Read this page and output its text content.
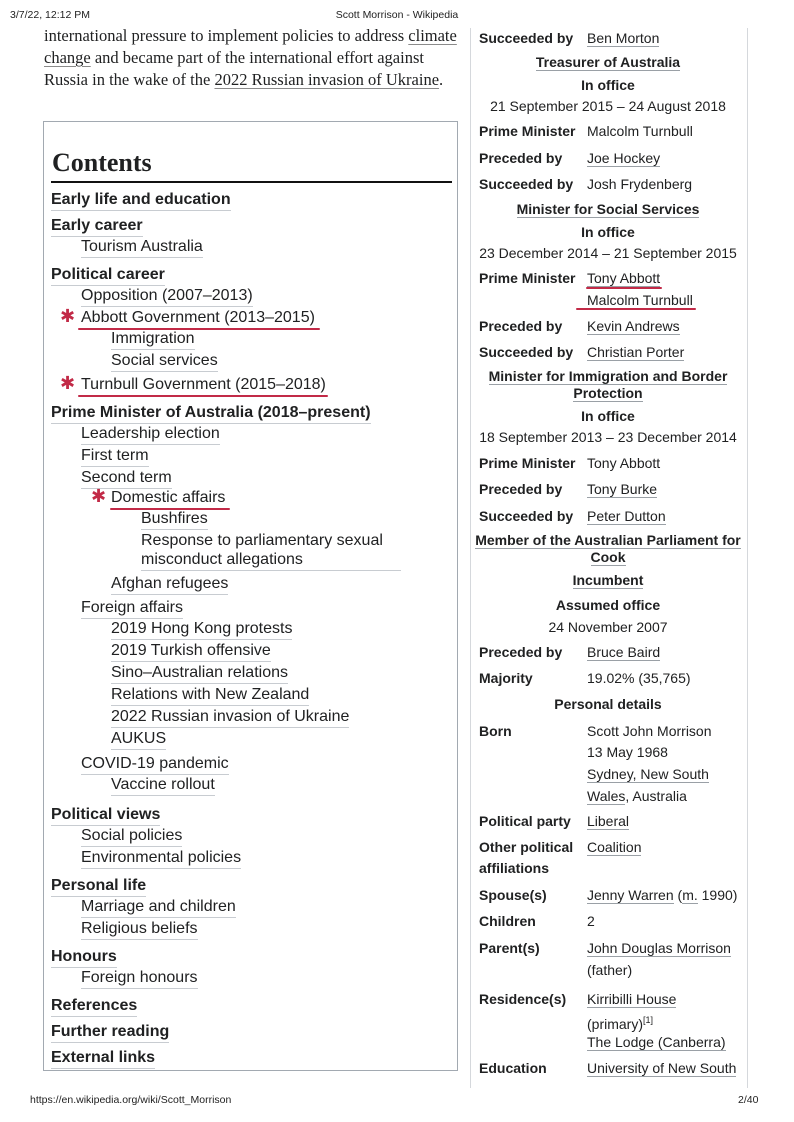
3/7/22, 12:12 PM	Scott Morrison - Wikipedia
https://en.wikipedia.org/wiki/Scott_Morrison	2/40
international pressure to implement policies to address climate change and became part of the international effort against Russia in the wake of the 2022 Russian invasion of Ukraine.
Contents
Early life and education
Early career
Tourism Australia
Political career
Opposition (2007–2013)
Abbott Government (2013–2015)
Immigration
Social services
Turnbull Government (2015–2018)
Prime Minister of Australia (2018–present)
Leadership election
First term
Second term
Domestic affairs
Bushfires
Response to parliamentary sexual misconduct allegations
Afghan refugees
Foreign affairs
2019 Hong Kong protests
2019 Turkish offensive
Sino–Australian relations
Relations with New Zealand
2022 Russian invasion of Ukraine
AUKUS
COVID-19 pandemic
Vaccine rollout
Political views
Social policies
Environmental policies
Personal life
Marriage and children
Religious beliefs
Honours
Foreign honours
References
Further reading
External links
✱
✱
✱
Succeeded by Ben Morton
Treasurer of Australia
In office
21 September 2015 – 24 August 2018
Prime Minister Malcolm Turnbull
Preceded by Joe Hockey
Succeeded by Josh Frydenberg
Minister for Social Services
In office
23 December 2014 – 21 September 2015
Prime Minister Tony Abbott
Malcolm Turnbull
Preceded by Kevin Andrews
Succeeded by Christian Porter
Minister for Immigration and Border Protection
In office
18 September 2013 – 23 December 2014
Prime Minister Tony Abbott
Preceded by Tony Burke
Succeeded by Peter Dutton
Member of the Australian Parliament for Cook
Incumbent
Assumed office
24 November 2007
Preceded by Bruce Baird
Majority	19.02% (35,765)
Personal details
Born	Scott John Morrison
13 May 1968
Sydney, New South
Wales, Australia
Political party Liberal
Other political
affiliations
Coalition
Spouse(s)	Jenny Warren (m. 1990)
Children	2
Parent(s)	John Douglas Morrison
(father)
Residence(s) Kirribilli House
(primary)[1]
The Lodge (Canberra)
Education	University of New South
